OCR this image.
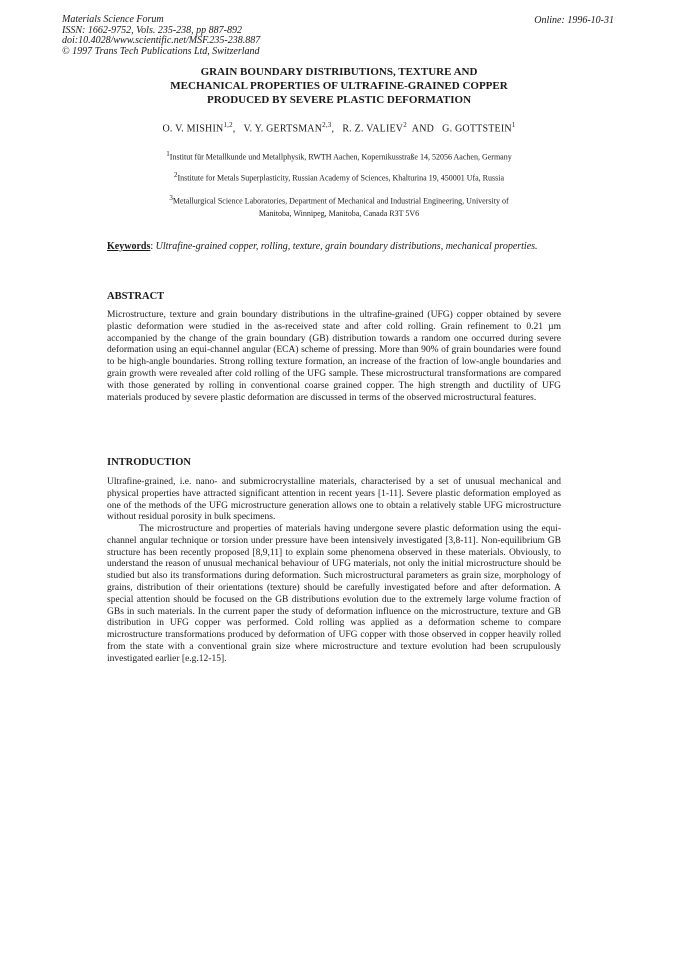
Materials Science Forum
ISSN: 1662-9752, Vols. 235-238, pp 887-892
doi:10.4028/www.scientific.net/MSF.235-238.887
© 1997 Trans Tech Publications Ltd, Switzerland
Online: 1996-10-31
GRAIN BOUNDARY DISTRIBUTIONS, TEXTURE AND
MECHANICAL PROPERTIES OF ULTRAFINE-GRAINED COPPER
PRODUCED BY SEVERE PLASTIC DEFORMATION
O. V. MISHIN$^{1,2}$,   V. Y. GERTSMAN$^{2,3}$,   R. Z. VALIEV$^2$  AND   G. GOTTSTEIN$^1$
$^1$Institut für Metallkunde und Metallphysik, RWTH Aachen, Kopernikusstraße 14, 52056 Aachen, Germany
$^2$Institute for Metals Superplasticity, Russian Academy of Sciences, Khalturina 19, 450001 Ufa, Russia
$^3$Metallurgical Science Laboratories, Department of Mechanical and Industrial Engineering, University of
Manitoba, Winnipeg, Manitoba, Canada R3T 5V6
Keywords: Ultrafine-grained copper, rolling, texture, grain boundary distributions, mechanical properties.
ABSTRACT
Microstructure, texture and grain boundary distributions in the ultrafine-grained (UFG) copper obtained by severe plastic deformation were studied in the as-received state and after cold rolling. Grain refinement to 0.21 µm accompanied by the change of the grain boundary (GB) distribution towards a random one occurred during severe deformation using an equi-channel angular (ECA) scheme of pressing. More than 90% of grain boundaries were found to be high-angle boundaries. Strong rolling texture formation, an increase of the fraction of low-angle boundaries and grain growth were revealed after cold rolling of the UFG sample. These microstructural transformations are compared with those generated by rolling in conventional coarse grained copper. The high strength and ductility of UFG materials produced by severe plastic deformation are discussed in terms of the observed microstructural features.
INTRODUCTION
Ultrafine-grained, i.e. nano- and submicrocrystalline materials, characterised by a set of unusual mechanical and physical properties have attracted significant attention in recent years [1-11]. Severe plastic deformation employed as one of the methods of the UFG microstructure generation allows one to obtain a relatively stable UFG microstructure without residual porosity in bulk specimens.
The microstructure and properties of materials having undergone severe plastic deformation using the equi-channel angular technique or torsion under pressure have been intensively investigated [3,8-11]. Non-equilibrium GB structure has been recently proposed [8,9,11] to explain some phenomena observed in these materials. Obviously, to understand the reason of unusual mechanical behaviour of UFG materials, not only the initial microstructure should be studied but also its transformations during deformation. Such microstructural parameters as grain size, morphology of grains, distribution of their orientations (texture) should be carefully investigated before and after deformation. A special attention should be focused on the GB distributions evolution due to the extremely large volume fraction of GBs in such materials. In the current paper the study of deformation influence on the microstructure, texture and GB distribution in UFG copper was performed. Cold rolling was applied as a deformation scheme to compare microstructure transformations produced by deformation of UFG copper with those observed in copper heavily rolled from the state with a conventional grain size where microstructure and texture evolution had been scrupulously investigated earlier [e.g.12-15].
